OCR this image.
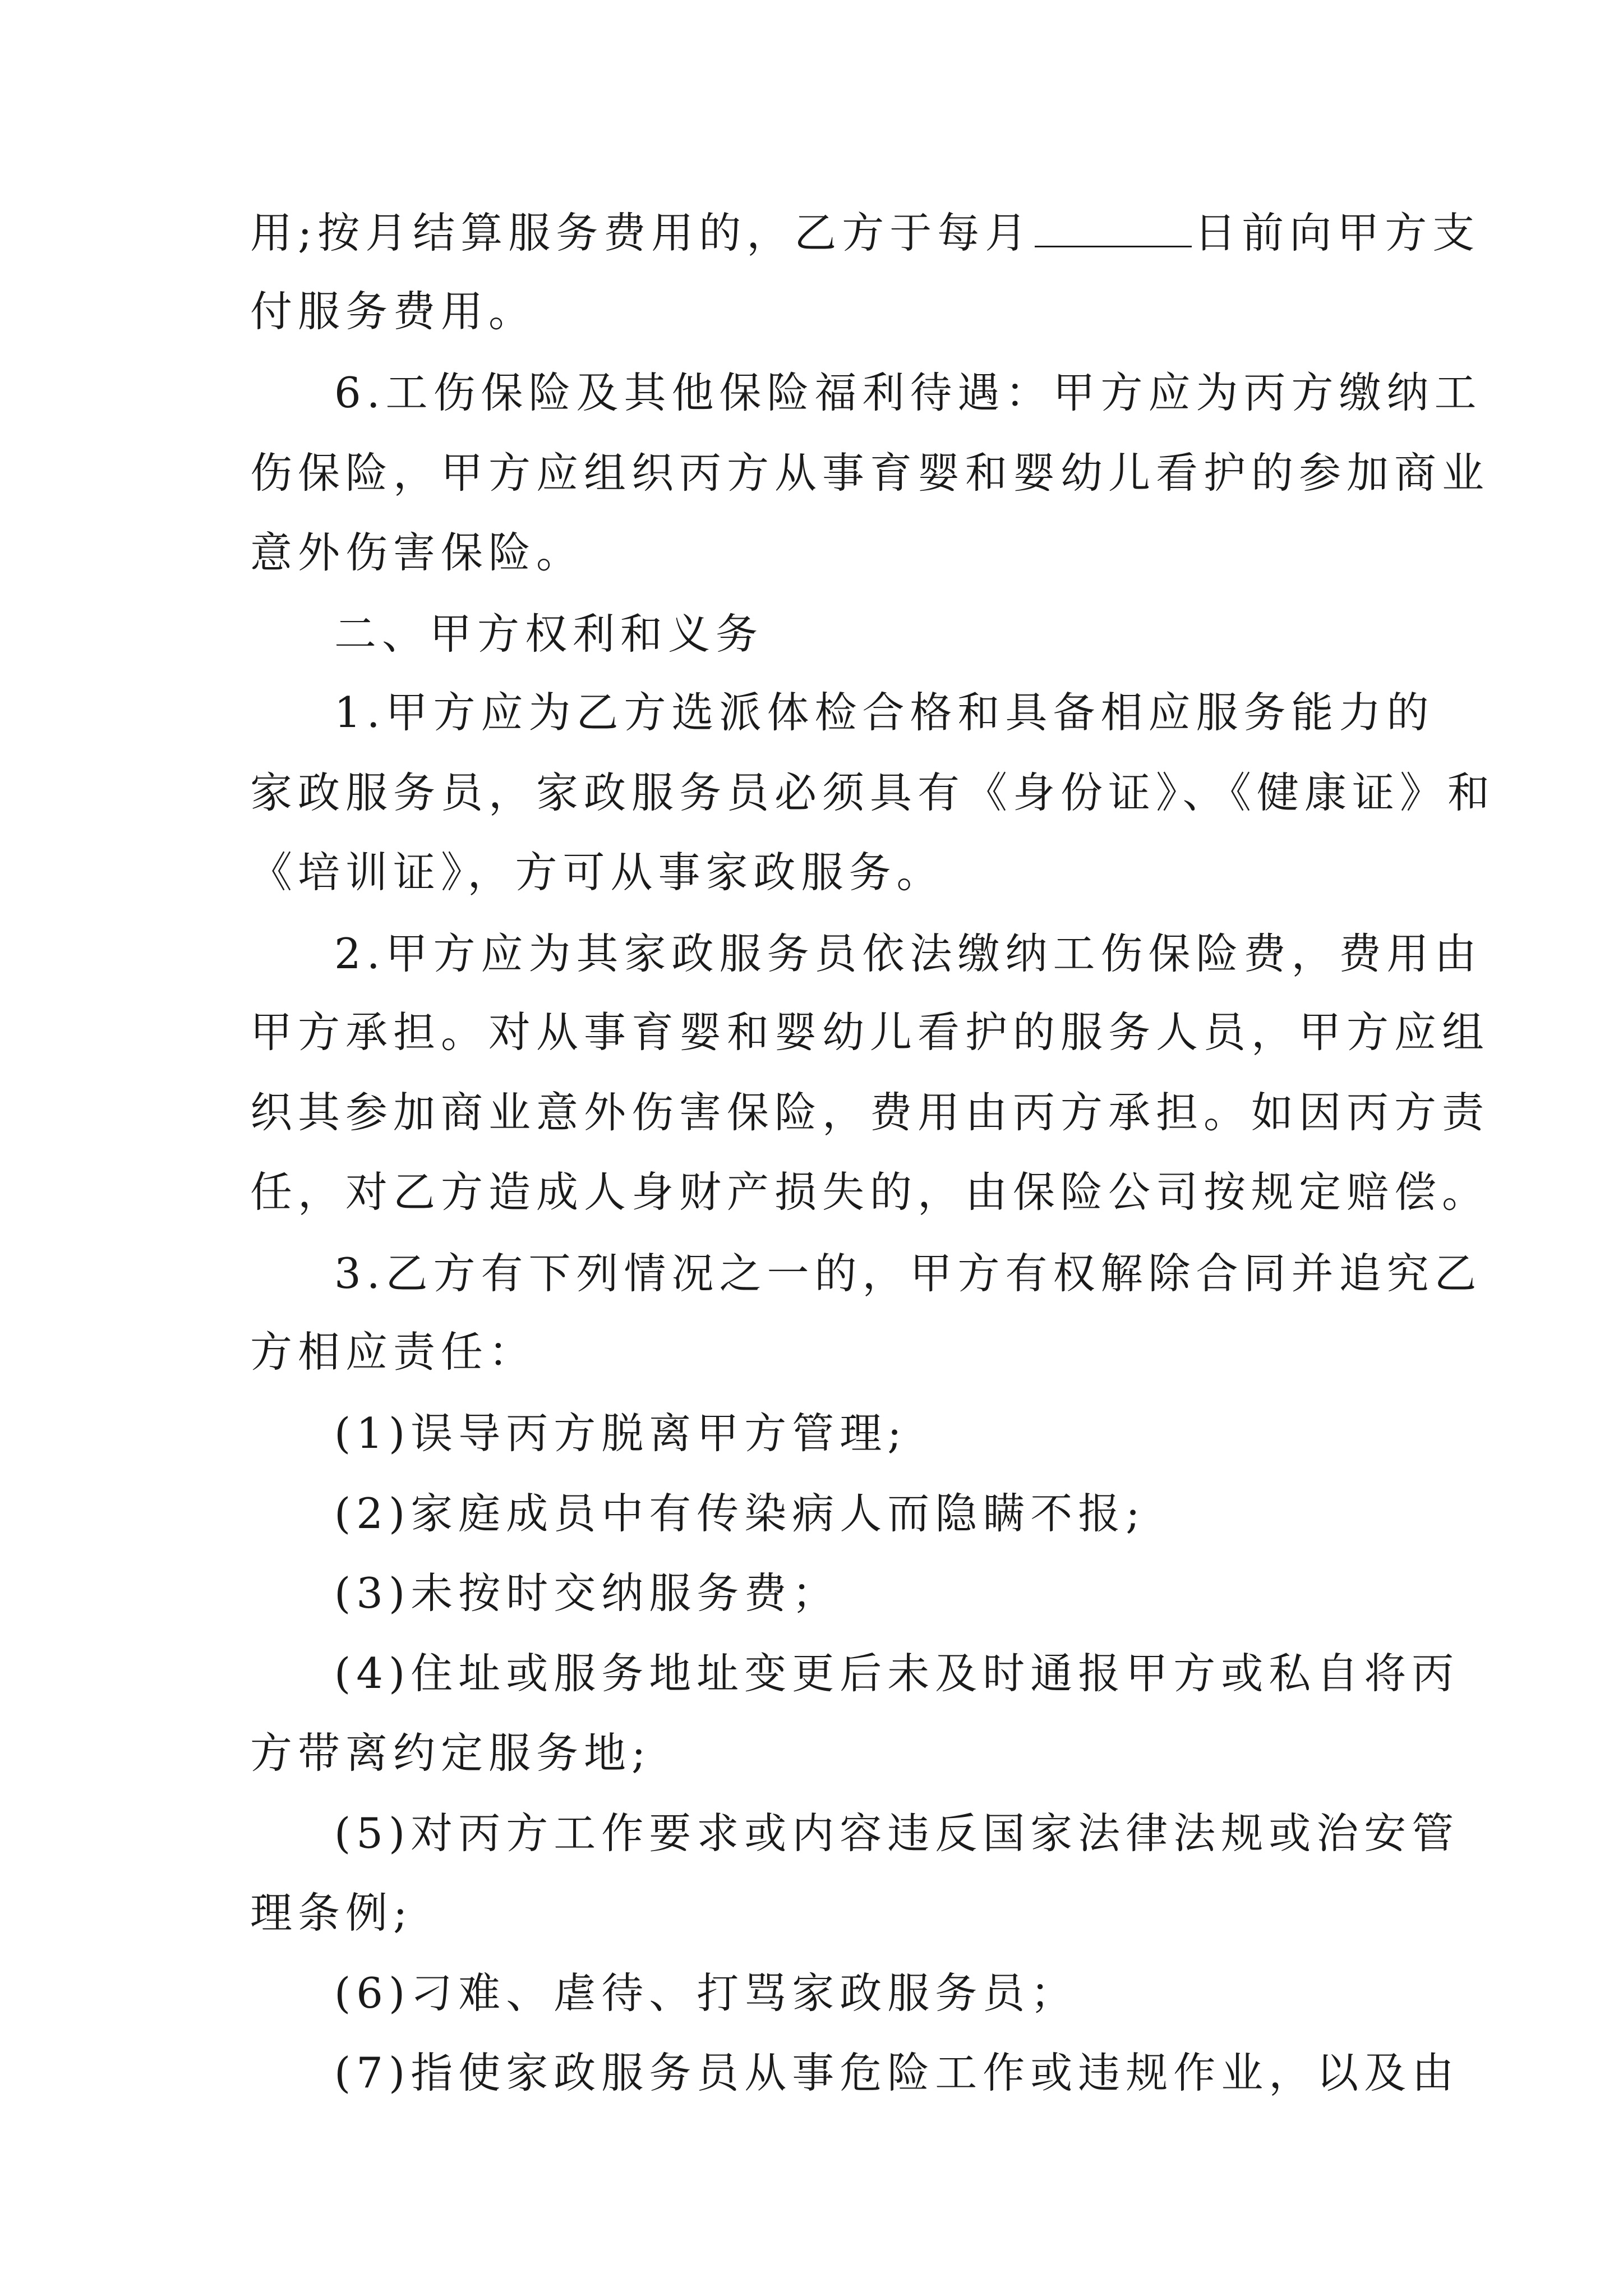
用;按月结算服务费用的，乙方于每月	日前向甲方支
付服务费用。
6.工伤保险及其他保险福利待遇：甲方应为丙方缴纳工
伤保险，甲方应组织丙方从事育婴和婴幼儿看护的参加商业
意外伤害保险。
二、甲方权利和义务
1.甲方应为乙方选派体检合格和具备相应服务能力的
家政服务员，家政服务员必须具有《身份证》、《健康证》和
《培训证》，方可从事家政服务。
2.甲方应为其家政服务员依法缴纳工伤保险费，费用由
甲方承担。对从事育婴和婴幼儿看护的服务人员，甲方应组
织其参加商业意外伤害保险，费用由丙方承担。如因丙方责
任，对乙方造成人身财产损失的，由保险公司按规定赔偿。
3.乙方有下列情况之一的，甲方有权解除合同并追究乙
方相应责任：
(1)误导丙方脱离甲方管理;
(2)家庭成员中有传染病人而隐瞒不报;
(3)未按时交纳服务费；
(4)住址或服务地址变更后未及时通报甲方或私自将丙
方带离约定服务地;
(5)对丙方工作要求或内容违反国家法律法规或治安管
理条例;
(6)刁难、虐待、打骂家政服务员；
(7)指使家政服务员从事危险工作或违规作业，以及由
